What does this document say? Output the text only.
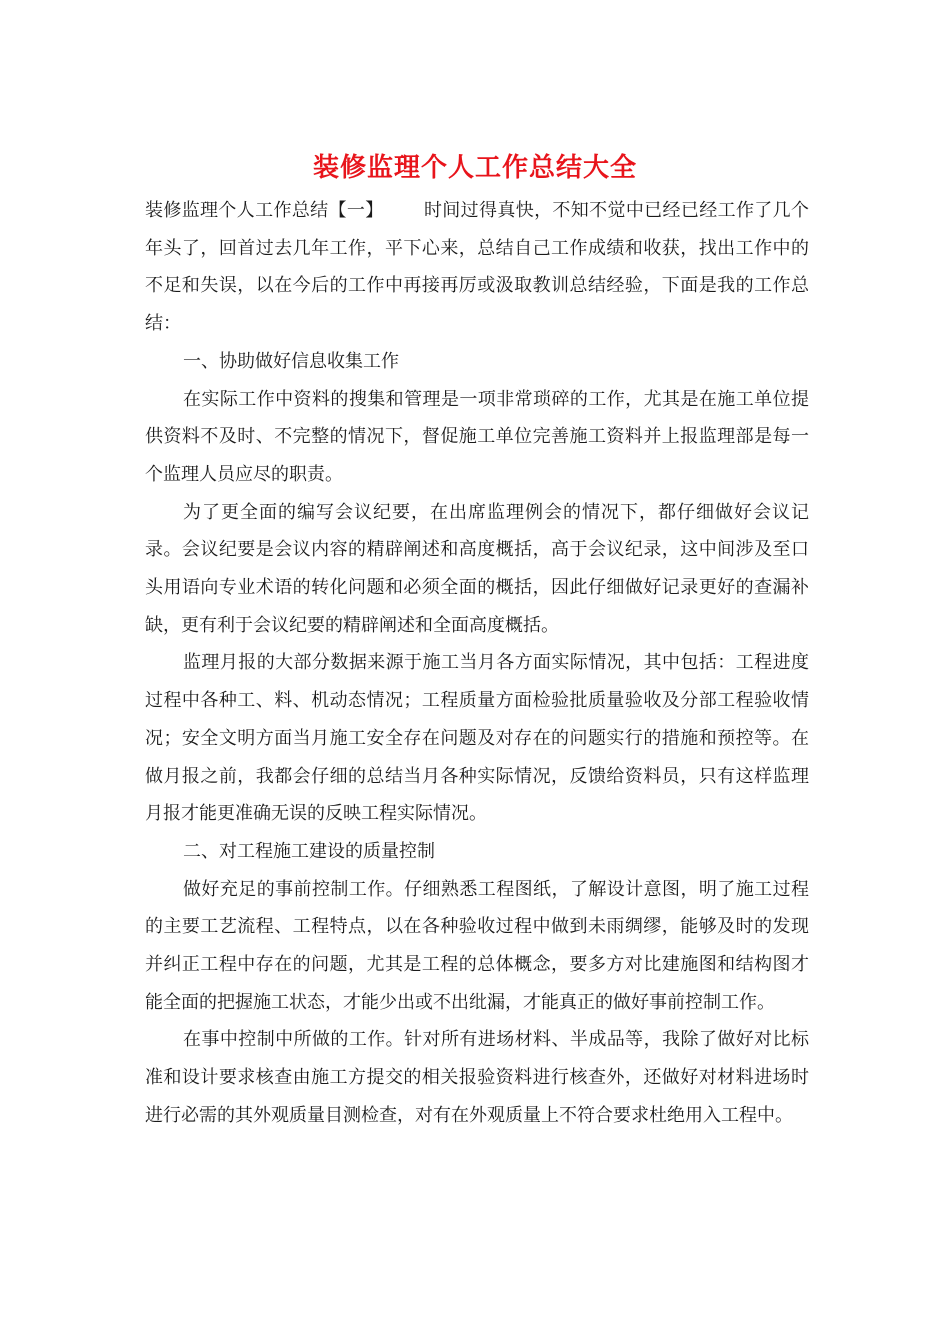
装修监理个人工作总结大全

装修监理个人工作总结【一】 时间过得真快，不知不觉中已经已经工作了几个年头了，回首过去几年工作，平下心来，总结自己工作成绩和收获，找出工作中的不足和失误，以在今后的工作中再接再厉或汲取教训总结经验，下面是我的工作总结：

一、协助做好信息收集工作

在实际工作中资料的搜集和管理是一项非常琐碎的工作，尤其是在施工单位提供资料不及时、不完整的情况下，督促施工单位完善施工资料并上报监理部是每一个监理人员应尽的职责。

为了更全面的编写会议纪要，在出席监理例会的情况下，都仔细做好会议记录。会议纪要是会议内容的精辟阐述和高度概括，高于会议纪录，这中间涉及至口头用语向专业术语的转化问题和必须全面的概括，因此仔细做好记录更好的查漏补缺，更有利于会议纪要的精辟阐述和全面高度概括。

监理月报的大部分数据来源于施工当月各方面实际情况，其中包括：工程进度过程中各种工、料、机动态情况；工程质量方面检验批质量验收及分部工程验收情况；安全文明方面当月施工安全存在问题及对存在的问题实行的措施和预控等。在做月报之前，我都会仔细的总结当月各种实际情况，反馈给资料员，只有这样监理月报才能更准确无误的反映工程实际情况。

二、对工程施工建设的质量控制

做好充足的事前控制工作。仔细熟悉工程图纸，了解设计意图，明了施工过程的主要工艺流程、工程特点，以在各种验收过程中做到未雨绸缪，能够及时的发现并纠正工程中存在的问题，尤其是工程的总体概念，要多方对比建施图和结构图才能全面的把握施工状态，才能少出或不出纰漏，才能真正的做好事前控制工作。

在事中控制中所做的工作。针对所有进场材料、半成品等，我除了做好对比标准和设计要求核查由施工方提交的相关报验资料进行核查外，还做好对材料进场时进行必需的其外观质量目测检查，对有在外观质量上不符合要求杜绝用入工程中。
